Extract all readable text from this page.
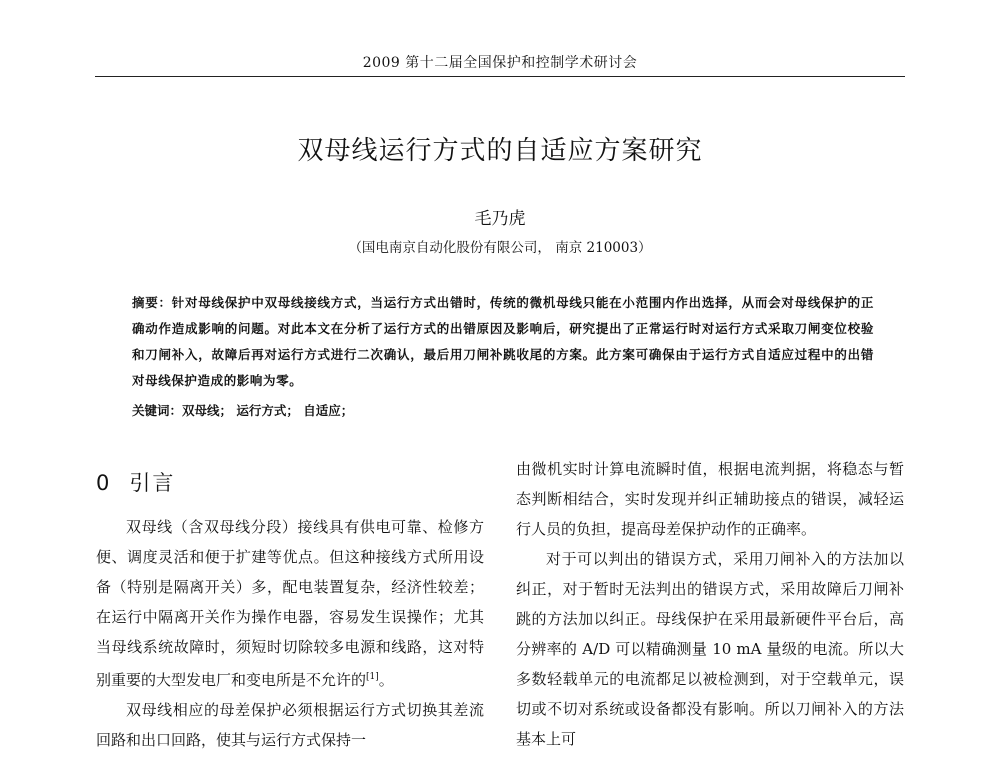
2009 第十二届全国保护和控制学术研讨会
双母线运行方式的自适应方案研究
毛乃虎
（国电南京自动化股份有限公司， 南京 210003）
摘要：针对母线保护中双母线接线方式，当运行方式出错时，传统的微机母线只能在小范围内作出选择，从而会对母线保护的正确动作造成影响的问题。对此本文在分析了运行方式的出错原因及影响后，研究提出了正常运行时对运行方式采取刀闸变位校验和刀闸补入，故障后再对运行方式进行二次确认，最后用刀闸补跳收尾的方案。此方案可确保由于运行方式自适应过程中的出错对母线保护造成的影响为零。
关键词：双母线； 运行方式； 自适应；
0 引言

双母线（含双母线分段）接线具有供电可靠、检修方便、调度灵活和便于扩建等优点。但这种接线方式所用设备（特别是隔离开关）多，配电装置复杂，经济性较差；在运行中隔离开关作为操作电器，容易发生误操作；尤其当母线系统故障时，须短时切除较多电源和线路，这对特别重要的大型发电厂和变电所是不允许的[1]。

双母线相应的母差保护必须根据运行方式切换其差流回路和出口回路，使其与运行方式保持一

由微机实时计算电流瞬时值，根据电流判据，将稳态与暂态判断相结合，实时发现并纠正辅助接点的错误，减轻运行人员的负担，提高母差保护动作的正确率。

对于可以判出的错误方式，采用刀闸补入的方法加以纠正，对于暂时无法判出的错误方式，采用故障后刀闸补跳的方法加以纠正。母线保护在采用最新硬件平台后，高分辨率的 A/D 可以精确测量 10 mA 量级的电流。所以大多数轻载单元的电流都足以被检测到，对于空载单元，误切或不切对系统或设备都没有影响。所以刀闸补入的方法基本上可
